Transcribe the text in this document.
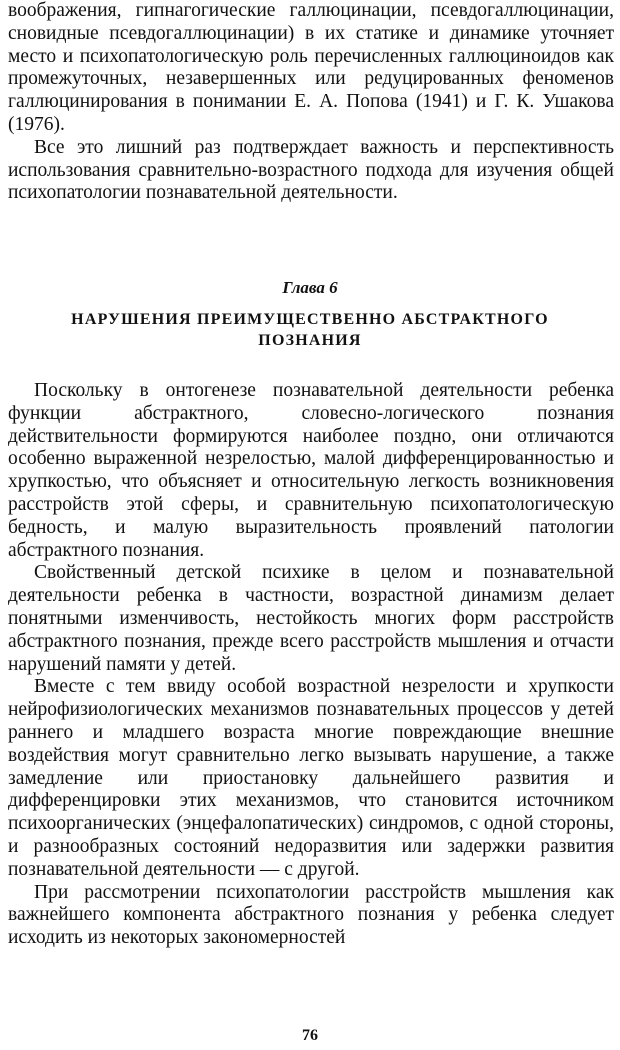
воображения, гипнагогические галлюцинации, псевдогаллюцинации, сновидные псевдогаллюцинации) в их статике и динамике уточняет место и психопатологическую роль перечисленных галлюциноидов как промежуточных, незавершенных или редуцированных феноменов галлюцинирования в понимании Е. А. Попова (1941) и Г. К. Ушакова (1976).

Все это лишний раз подтверждает важность и перспективность использования сравнительно-возрастного подхода для изучения общей психопатологии познавательной деятельности.

Глава 6
НАРУШЕНИЯ ПРЕИМУЩЕСТВЕННО АБСТРАКТНОГО ПОЗНАНИЯ

Поскольку в онтогенезе познавательной деятельности ребенка функции абстрактного, словесно-логического познания действительности формируются наиболее поздно, они отличаются особенно выраженной незрелостью, малой дифференцированностью и хрупкостью, что объясняет и относительную легкость возникновения расстройств этой сферы, и сравнительную психопатологическую бедность, и малую выразительность проявлений патологии абстрактного познания.

Свойственный детской психике в целом и познавательной деятельности ребенка в частности, возрастной динамизм делает понятными изменчивость, нестойкость многих форм расстройств абстрактного познания, прежде всего расстройств мышления и отчасти нарушений памяти у детей.

Вместе с тем ввиду особой возрастной незрелости и хрупкости нейрофизиологических механизмов познавательных процессов у детей раннего и младшего возраста многие повреждающие внешние воздействия могут сравнительно легко вызывать нарушение, а также замедление или приостановку дальнейшего развития и дифференцировки этих механизмов, что становится источником психоорганических (энцефалопатических) синдромов, с одной стороны, и разнообразных состояний недоразвития или задержки развития познавательной деятельности — с другой.

При рассмотрении психопатологии расстройств мышления как важнейшего компонента абстрактного познания у ребенка следует исходить из некоторых закономерностей

76
